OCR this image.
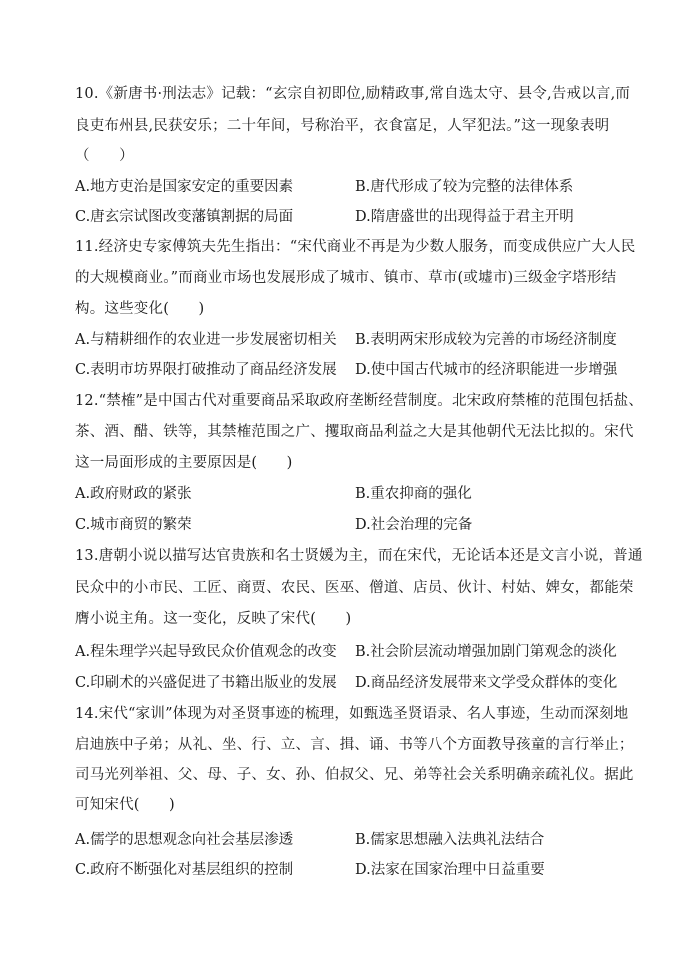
10.《新唐书·刑法志》记载：“玄宗自初即位,励精政事,常自选太守、县令,告戒以言,而
良吏布州县,民获安乐；二十年间，号称治平，衣食富足，人罕犯法。”这一现象表明
（　　）
A.地方吏治是国家安定的重要因素	B.唐代形成了较为完整的法律体系
C.唐玄宗试图改变藩镇割据的局面	D.隋唐盛世的出现得益于君主开明
11.经济史专家傅筑夫先生指出：“宋代商业不再是为少数人服务，而变成供应广大人民
的大规模商业。”而商业市场也发展形成了城市、镇市、草市(或墟市)三级金字塔形结
构。这些变化(　　)
A.与精耕细作的农业进一步发展密切相关 B.表明两宋形成较为完善的市场经济制度
C.表明市坊界限打破推动了商品经济发展 D.使中国古代城市的经济职能进一步增强
12.“禁榷”是中国古代对重要商品采取政府垄断经营制度。北宋政府禁榷的范围包括盐、
茶、酒、醋、铁等，其禁榷范围之广、攫取商品利益之大是其他朝代无法比拟的。宋代
这一局面形成的主要原因是(　　)
A.政府财政的紧张	B.重农抑商的强化
C.城市商贸的繁荣	D.社会治理的完备
13.唐朝小说以描写达官贵族和名士贤媛为主，而在宋代，无论话本还是文言小说，普通
民众中的小市民、工匠、商贾、农民、医巫、僧道、店员、伙计、村姑、婢女，都能荣
膺小说主角。这一变化，反映了宋代(　　)
A.程朱理学兴起导致民众价值观念的改变 B.社会阶层流动增强加剧门第观念的淡化
C.印刷术的兴盛促进了书籍出版业的发展 D.商品经济发展带来文学受众群体的变化
14.宋代“家训”体现为对圣贤事迹的梳理，如甄选圣贤语录、名人事迹，生动而深刻地
启迪族中子弟；从礼、坐、行、立、言、揖、诵、书等八个方面教导孩童的言行举止；
司马光列举祖、父、母、子、女、孙、伯叔父、兄、弟等社会关系明确亲疏礼仪。据此
可知宋代(　　)
A.儒学的思想观念向社会基层渗透	B.儒家思想融入法典礼法结合
C.政府不断强化对基层组织的控制	D.法家在国家治理中日益重要
